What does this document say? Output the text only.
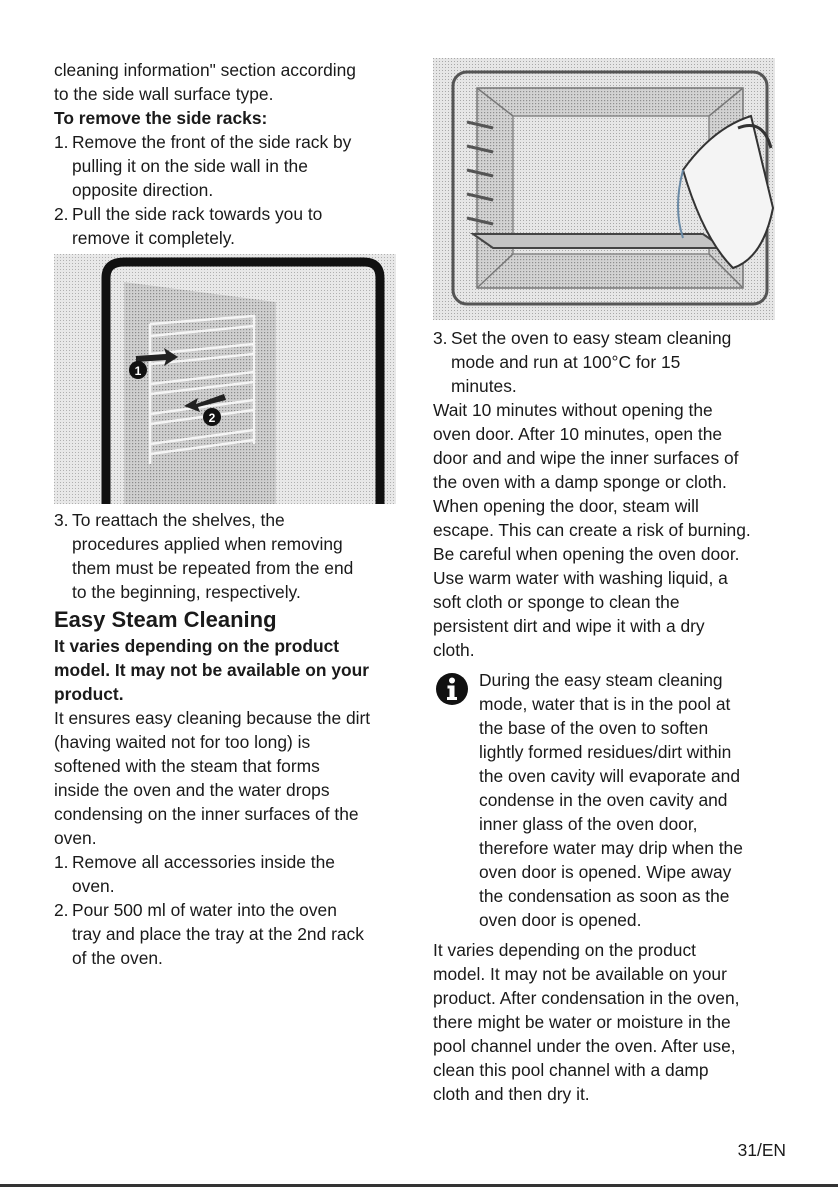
cleaning information" section according

to the side wall surface type.

To remove the side racks:
1. Remove the front of the side rack by
pulling it on the side wall in the
opposite direction.
2. Pull the side rack towards you to
remove it completely.
1
2
3. To reattach the shelves, the
procedures applied when removing
them must be repeated from the end
to the beginning, respectively.
Easy Steam Cleaning
It varies depending on the product
model. It may not be available on your
product.

It ensures easy cleaning because the dirt

(having waited not for too long) is

softened with the steam that forms

inside the oven and the water drops

condensing on the inner surfaces of the

oven.

1. Remove all accessories inside the
oven.
2. Pour 500 ml of water into the oven
tray and place the tray at the 2nd rack
of the oven.
3. Set the oven to easy steam cleaning
mode and run at 100°C for 15
minutes.

Wait 10 minutes without opening the

oven door. After 10 minutes, open the

door and and wipe the inner surfaces of

the oven with a damp sponge or cloth.

When opening the door, steam will

escape. This can create a risk of burning.

Be careful when opening the oven door.

Use warm water with washing liquid, a

soft cloth or sponge to clean the

persistent dirt and wipe it with a dry

cloth.

During the easy steam cleaning

mode, water that is in the pool at

the base of the oven to soften

lightly formed residues/dirt within

the oven cavity will evaporate and

condense in the oven cavity and

inner glass of the oven door,

therefore water may drip when the

oven door is opened. Wipe away

the condensation as soon as the

oven door is opened.

It varies depending on the product

model. It may not be available on your

product. After condensation in the oven,

there might be water or moisture in the

pool channel under the oven. After use,

clean this pool channel with a damp

cloth and then dry it.

31/EN
